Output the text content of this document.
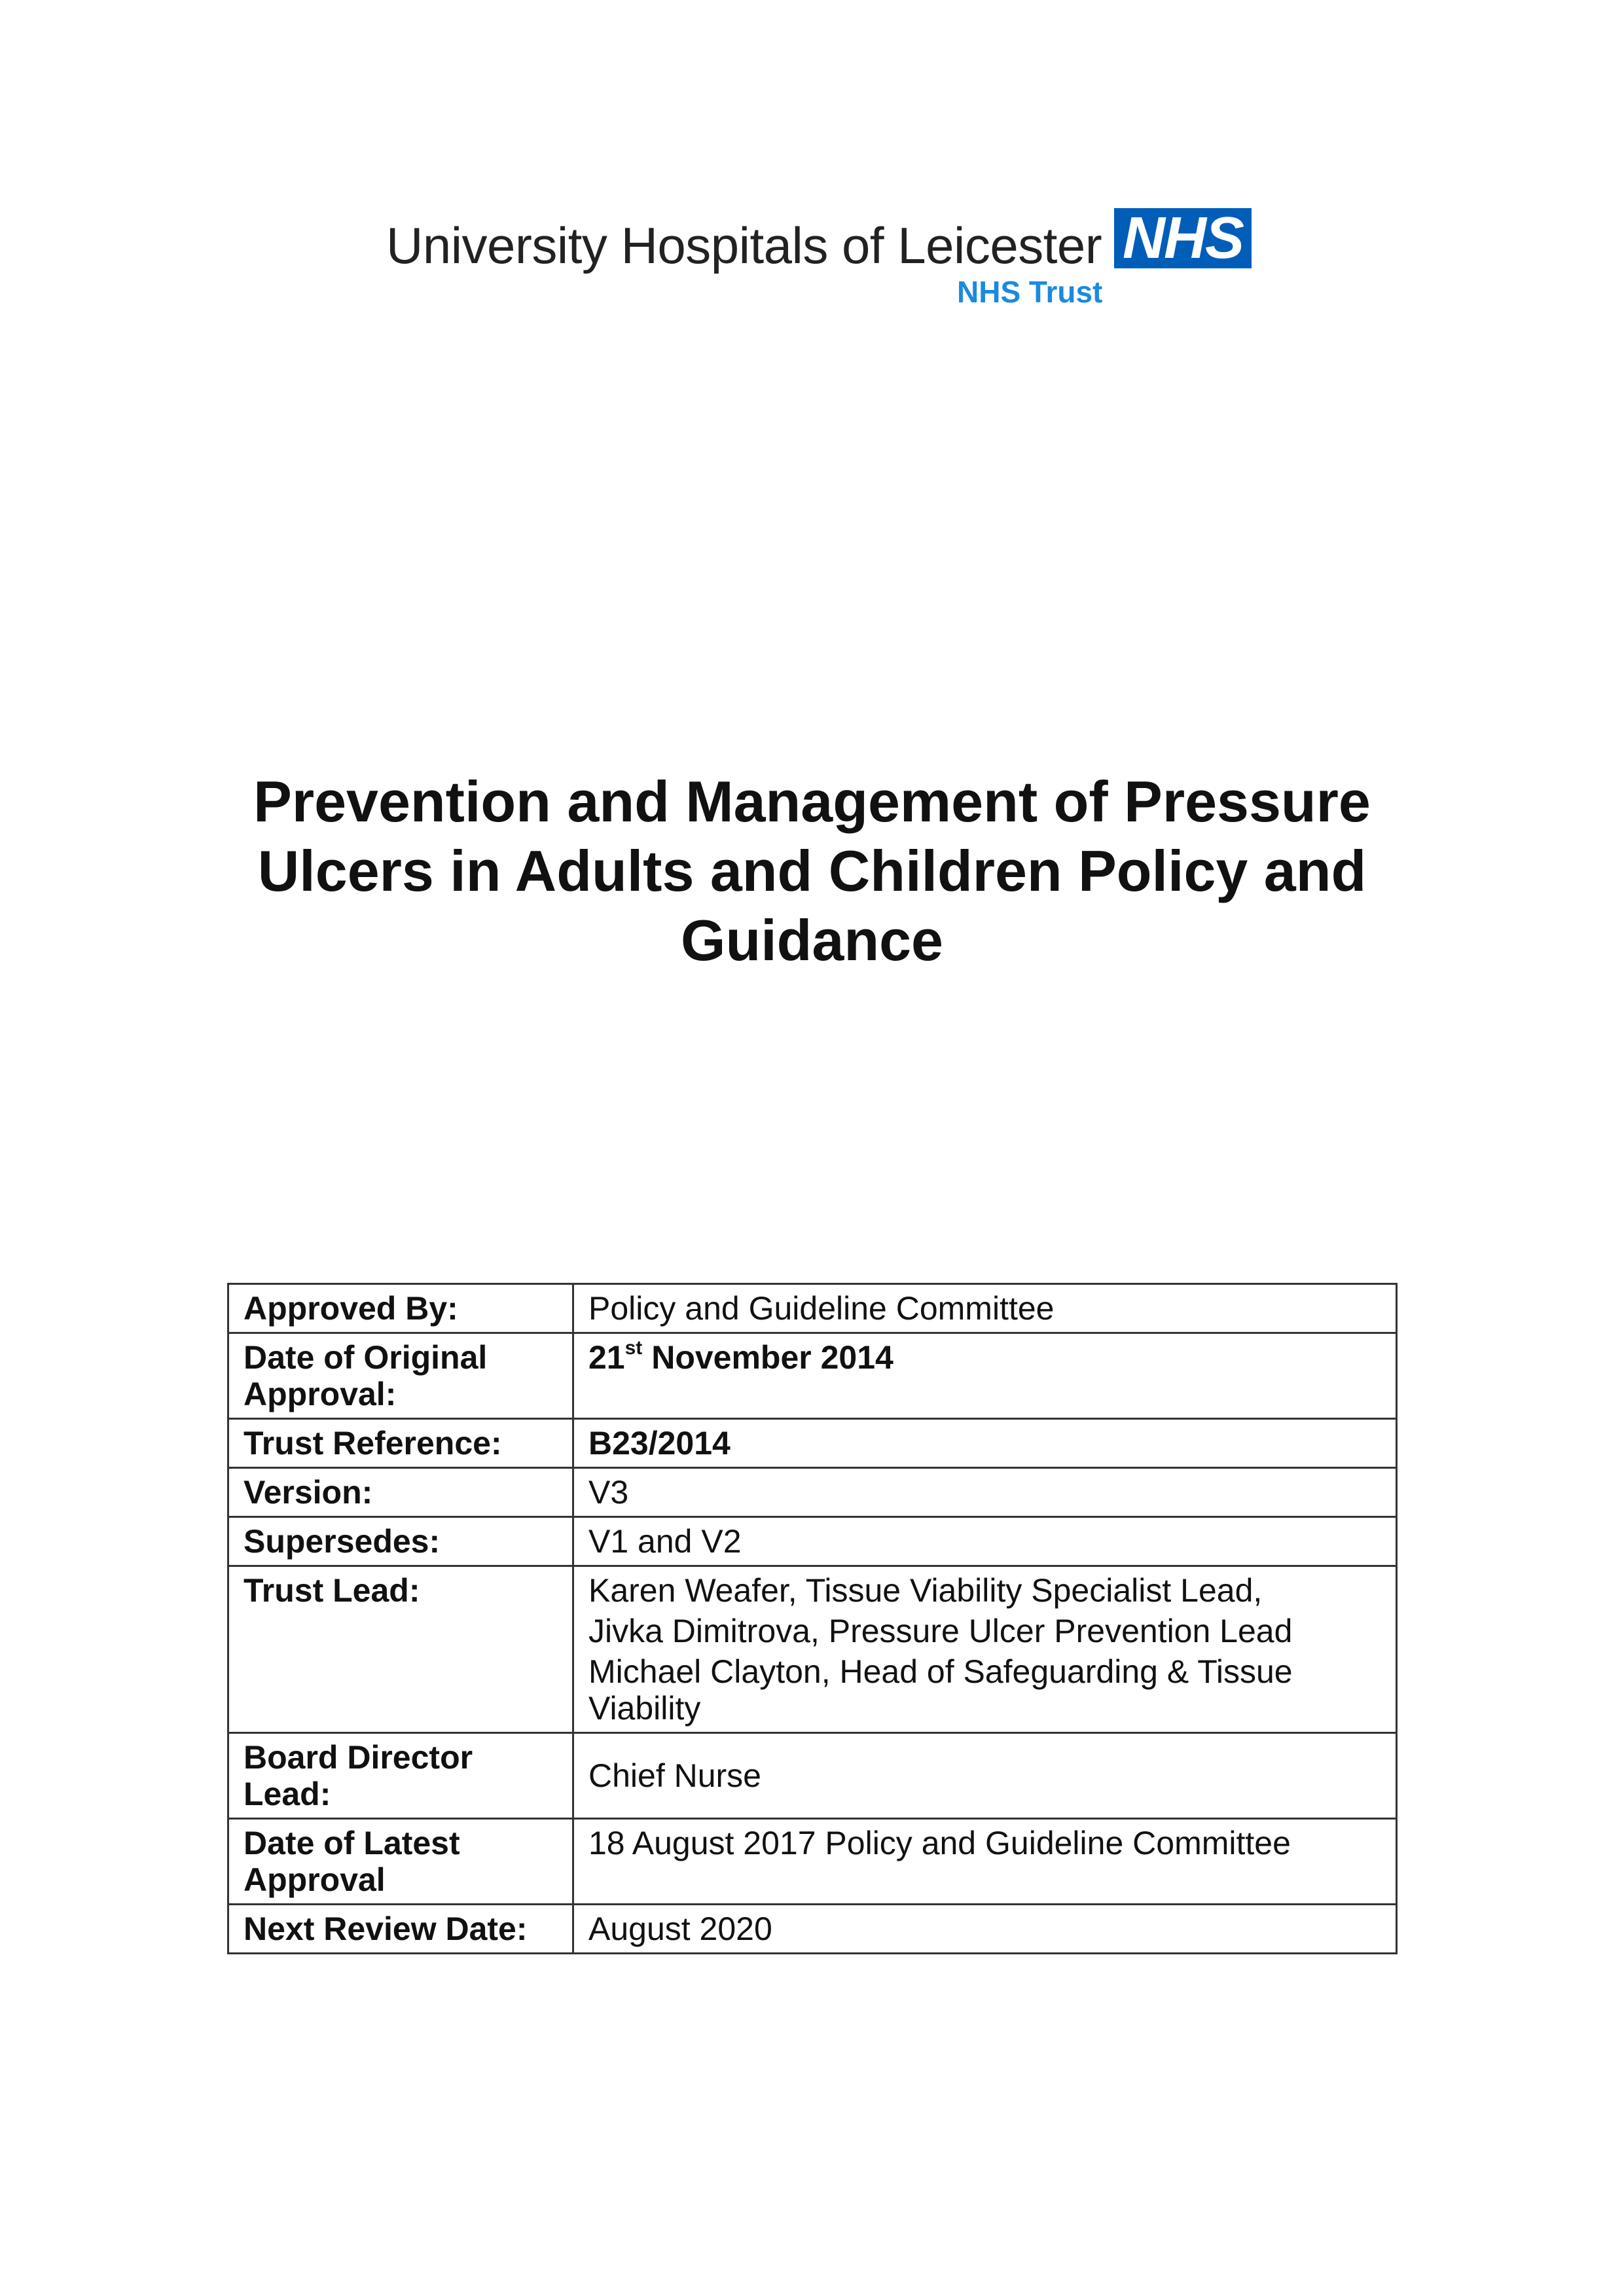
University Hospitals of Leicester NHS
NHS Trust
Prevention and Management of Pressure Ulcers in Adults and Children Policy and Guidance
Approved By:	Policy and Guideline Committee
Date of Original Approval:	21st November 2014
Trust Reference:	B23/2014
Version:	V3
Supersedes:	V1 and V2
Trust Lead:	Karen Weafer, Tissue Viability Specialist Lead,
Jivka Dimitrova, Pressure Ulcer Prevention Lead
Michael Clayton, Head of Safeguarding & Tissue Viability

Board Director Lead:	Chief Nurse
Date of Latest Approval	18 August 2017 Policy and Guideline Committee
Next Review Date:	August 2020
